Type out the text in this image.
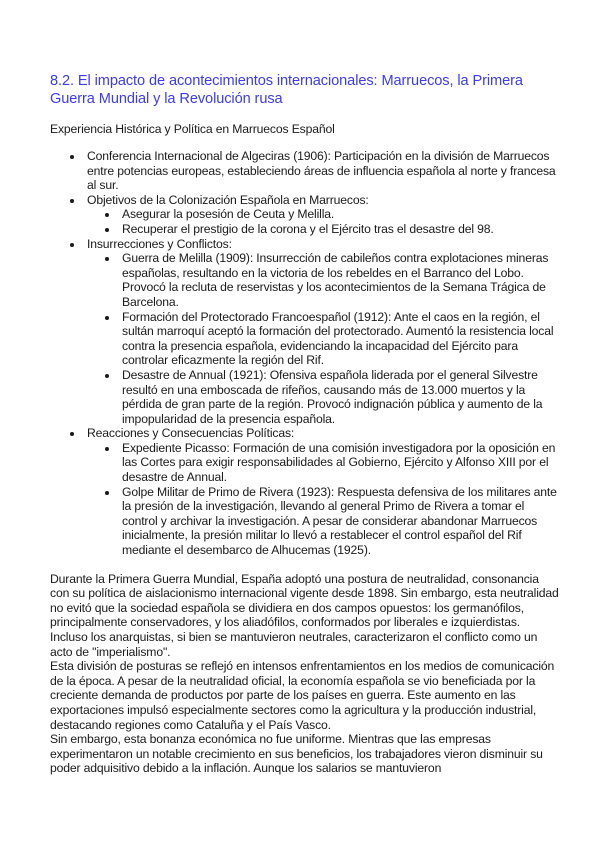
8.2. El impacto de acontecimientos internacionales: Marruecos, la Primera Guerra Mundial y la Revolución rusa
Experiencia Histórica y Política en Marruecos Español
Conferencia Internacional de Algeciras (1906): Participación en la división de Marruecos entre potencias europeas, estableciendo áreas de influencia española al norte y francesa al sur.
Objetivos de la Colonización Española en Marruecos:
Asegurar la posesión de Ceuta y Melilla.
Recuperar el prestigio de la corona y el Ejército tras el desastre del 98.
Insurrecciones y Conflictos:
Guerra de Melilla (1909): Insurrección de cabileños contra explotaciones mineras españolas, resultando en la victoria de los rebeldes en el Barranco del Lobo. Provocó la recluta de reservistas y los acontecimientos de la Semana Trágica de Barcelona.
Formación del Protectorado Francoespañol (1912): Ante el caos en la región, el sultán marroquí aceptó la formación del protectorado. Aumentó la resistencia local contra la presencia española, evidenciando la incapacidad del Ejército para controlar eficazmente la región del Rif.
Desastre de Annual (1921): Ofensiva española liderada por el general Silvestre resultó en una emboscada de rifeños, causando más de 13.000 muertos y la pérdida de gran parte de la región. Provocó indignación pública y aumento de la impopularidad de la presencia española.
Reacciones y Consecuencias Políticas:
Expediente Picasso: Formación de una comisión investigadora por la oposición en las Cortes para exigir responsabilidades al Gobierno, Ejército y Alfonso XIII por el desastre de Annual.
Golpe Militar de Primo de Rivera (1923): Respuesta defensiva de los militares ante la presión de la investigación, llevando al general Primo de Rivera a tomar el control y archivar la investigación. A pesar de considerar abandonar Marruecos inicialmente, la presión militar lo llevó a restablecer el control español del Rif mediante el desembarco de Alhucemas (1925).

Durante la Primera Guerra Mundial, España adoptó una postura de neutralidad, consonancia con su política de aislacionismo internacional vigente desde 1898. Sin embargo, esta neutralidad no evitó que la sociedad española se dividiera en dos campos opuestos: los germanófilos, principalmente conservadores, y los aliadófilos, conformados por liberales e izquierdistas. Incluso los anarquistas, si bien se mantuvieron neutrales, caracterizaron el conflicto como un acto de "imperialismo".

Esta división de posturas se reflejó en intensos enfrentamientos en los medios de comunicación de la época. A pesar de la neutralidad oficial, la economía española se vio beneficiada por la creciente demanda de productos por parte de los países en guerra. Este aumento en las exportaciones impulsó especialmente sectores como la agricultura y la producción industrial, destacando regiones como Cataluña y el País Vasco.

Sin embargo, esta bonanza económica no fue uniforme. Mientras que las empresas experimentaron un notable crecimiento en sus beneficios, los trabajadores vieron disminuir su poder adquisitivo debido a la inflación. Aunque los salarios se mantuvieron
